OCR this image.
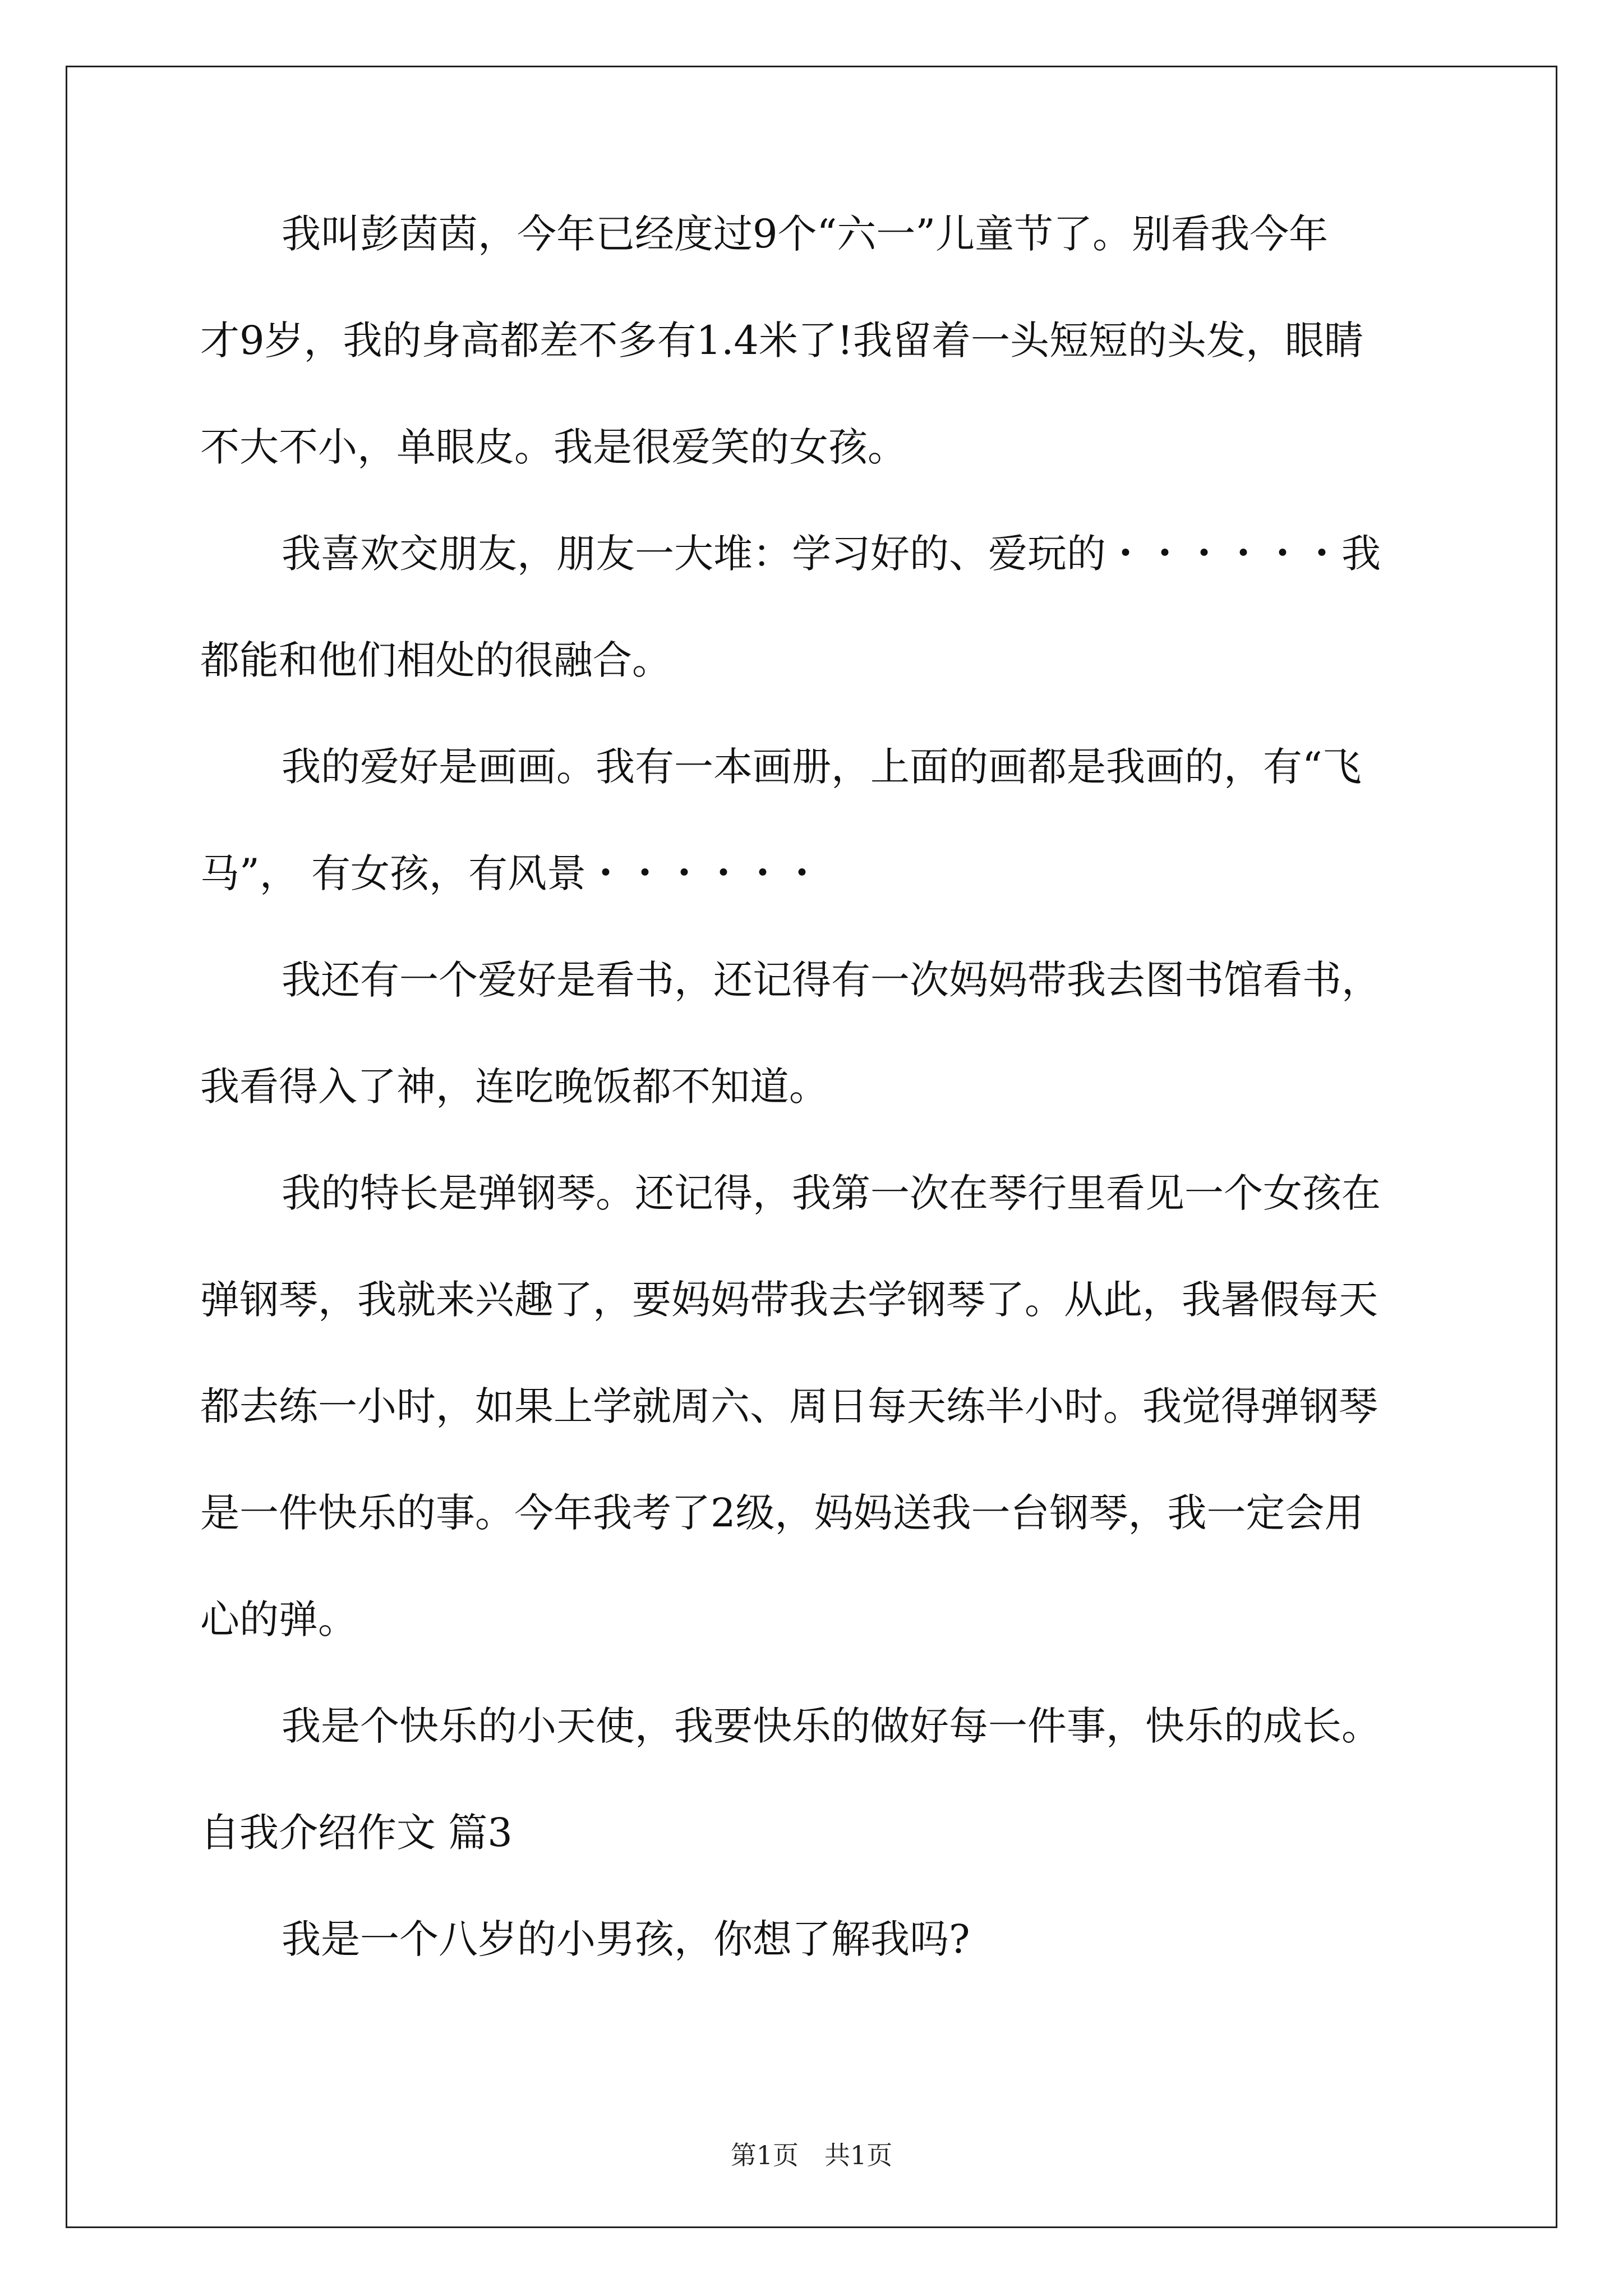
我叫彭茵茵，今年已经度过9个“六一”儿童节了。别看我今年
才9岁，我的身高都差不多有1.4米了!我留着一头短短的头发，眼睛
不大不小，单眼皮。我是很爱笑的女孩。
我喜欢交朋友，朋友一大堆：学习好的、爱玩的・・・・・・我
都能和他们相处的很融合。
我的爱好是画画。我有一本画册，上面的画都是我画的，有“飞
马”， 有女孩，有风景・・・・・・
我还有一个爱好是看书，还记得有一次妈妈带我去图书馆看书，
我看得入了神，连吃晚饭都不知道。
我的特长是弹钢琴。还记得，我第一次在琴行里看见一个女孩在
弹钢琴，我就来兴趣了，要妈妈带我去学钢琴了。从此，我暑假每天
都去练一小时，如果上学就周六、周日每天练半小时。我觉得弹钢琴
是一件快乐的事。今年我考了2级，妈妈送我一台钢琴，我一定会用
心的弹。
我是个快乐的小天使，我要快乐的做好每一件事，快乐的成长。
自我介绍作文 篇3
我是一个八岁的小男孩，你想了解我吗?
第1页　共1页
